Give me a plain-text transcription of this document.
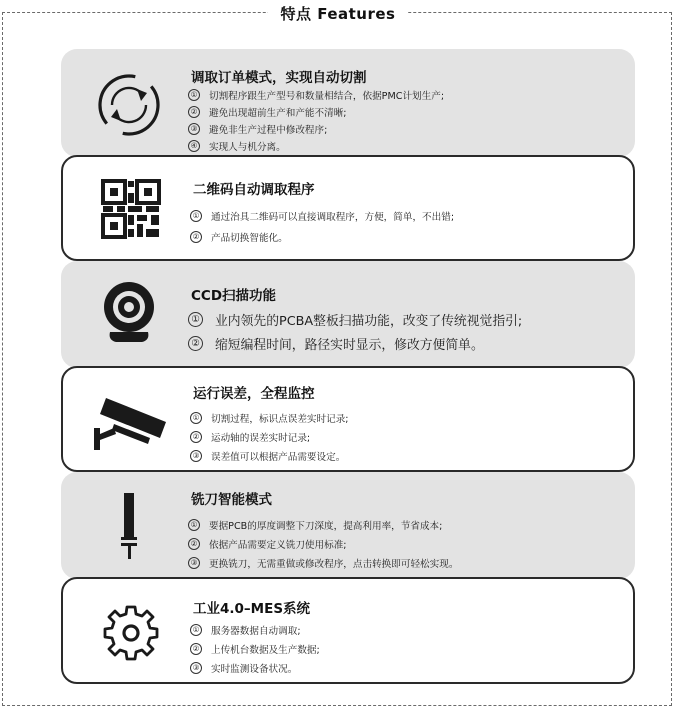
特点 Features
调取订单模式，实现自动切割
① 切割程序跟生产型号和数量相结合，依据PMC计划生产;
② 避免出现超前生产和产能不清晰;
③ 避免非生产过程中修改程序;
④ 实现人与机分离。
二维码自动调取程序
① 通过治具二维码可以直接调取程序，方便，简单，不出错;
② 产品切换智能化。
CCD扫描功能
① 业内领先的PCBA整板扫描功能，改变了传统视觉指引;
② 缩短编程时间，路径实时显示，修改方便简单。
运行误差，全程监控
① 切割过程，标识点误差实时记录;
② 运动轴的误差实时记录;
③ 误差值可以根据产品需要设定。
铣刀智能模式
① 要据PCB的厚度调整下刀深度，提高利用率，节省成本;
② 依据产品需要定义铣刀使用标准;
③ 更换铣刀，无需重做或修改程序，点击转换即可轻松实现。
工业4.0–MES系统
① 服务器数据自动调取;
② 上传机台数据及生产数据;
③ 实时监测设备状况。
